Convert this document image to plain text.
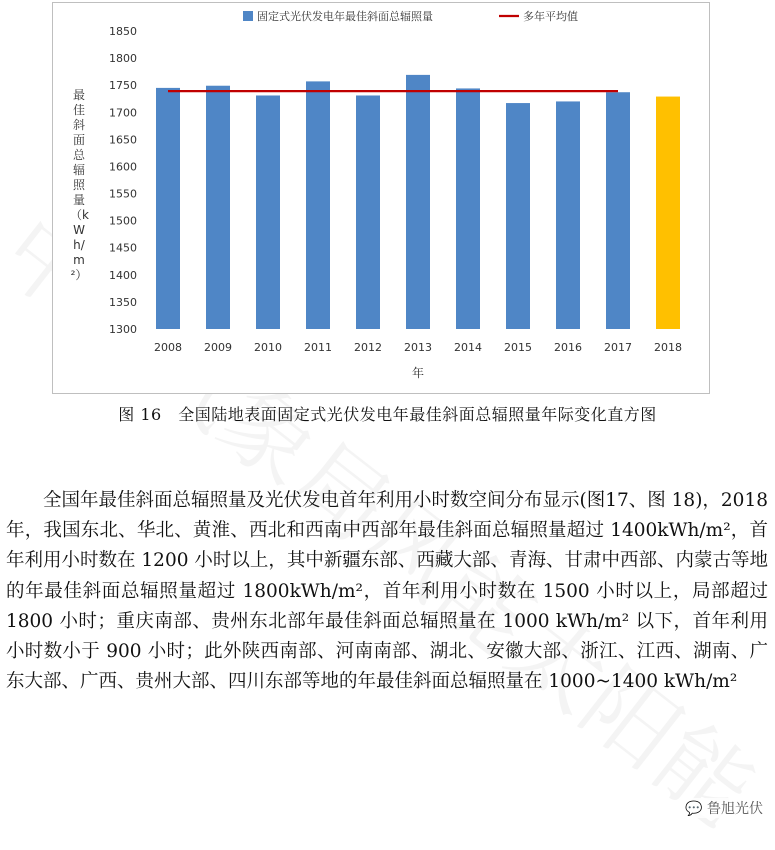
1300
1350
1400
1450
1500
1550
1600
1650
1700
1750
1800
1850
2008 2009 2010 2011 2012 2013 2014 2015 2016 2017 2018
年
固定式光伏发电年最佳斜面总辐照量	多年平均值
最佳斜面总辐照量（kWh/m²）
图 16　全国陆地表面固定式光伏发电年最佳斜面总辐照量年际变化直方图
全国年最佳斜面总辐照量及光伏发电首年利用小时数空间分布显示(图17、图 18)，2018 年，我国东北、华北、黄淮、西北和西南中西部年最佳斜面总辐照量超过 1400kWh/m²，首年利用小时数在 1200 小时以上，其中新疆东部、西藏大部、青海、甘肃中西部、内蒙古等地的年最佳斜面总辐照量超过 1800kWh/m²，首年利用小时数在 1500 小时以上，局部超过 1800 小时；重庆南部、贵州东北部年最佳斜面总辐照量在 1000 kWh/m² 以下，首年利用小时数小于 900 小时；此外陕西南部、河南南部、湖北、安徽大部、浙江、江西、湖南、广东大部、广西、贵州大部、四川东部等地的年最佳斜面总辐照量在 1000~1400 kWh/m²
💬 鲁旭光伏
